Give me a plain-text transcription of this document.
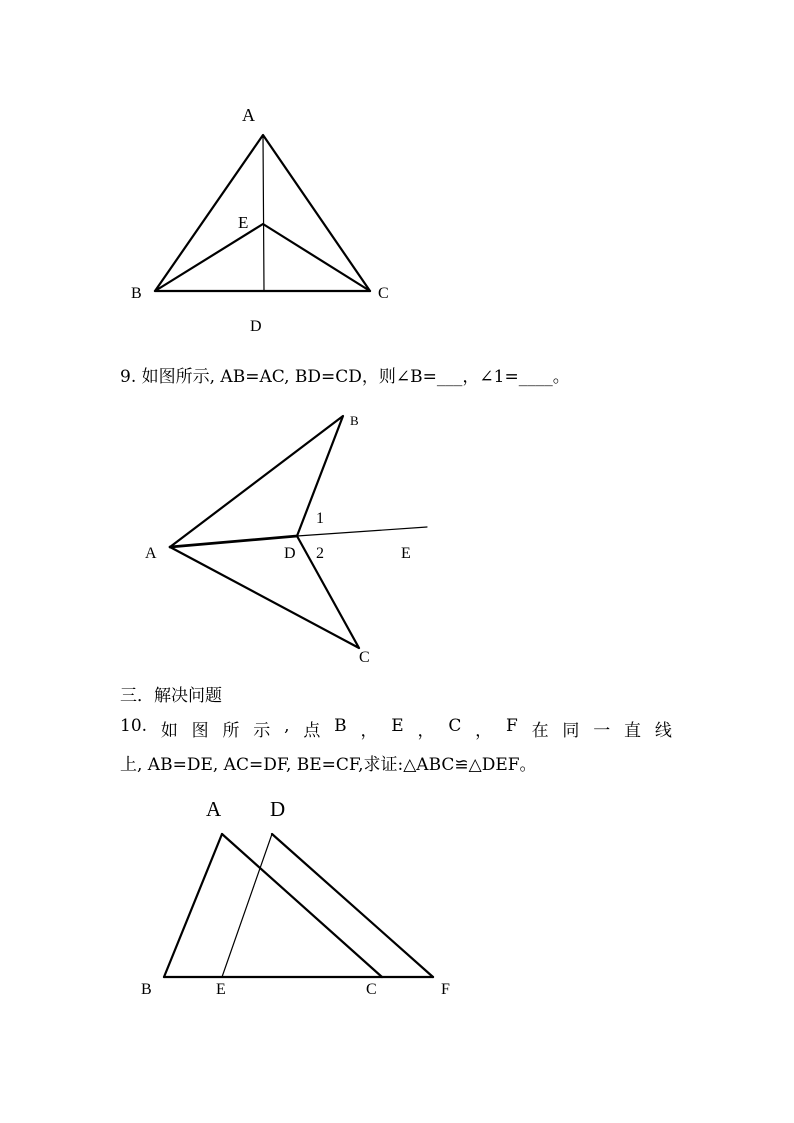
A
B	C
D
E
9. 如图所示, AB=AC, BD=CD，则∠B=___，∠1=____。
B
A	D
1
2	E
C
三．解决问题
10. 如 图 所 示 , 点 B ， E ， C ， F 在 同 一 直 线
上, AB=DE, AC=DF, BE=CF,求证:△ABC≌△DEF。
A D
B	E	C	F
